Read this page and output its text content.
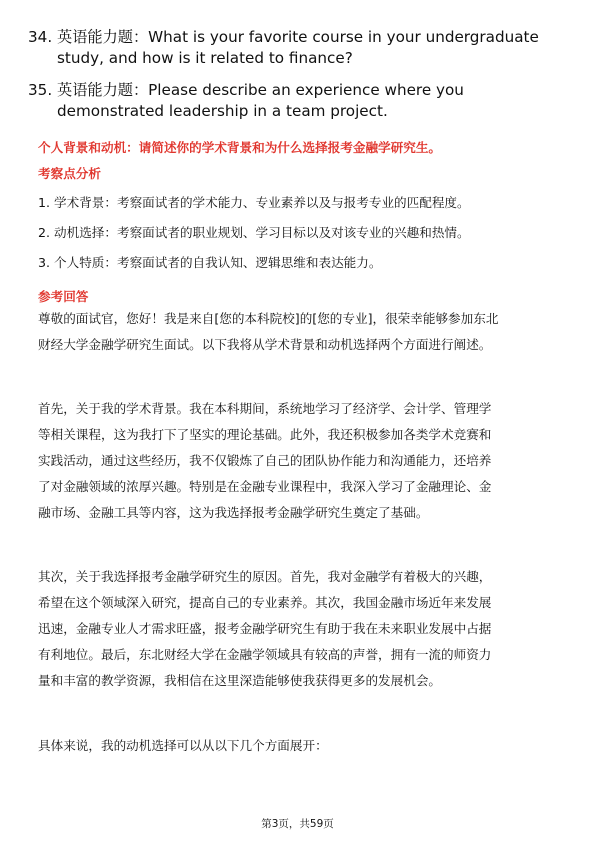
34. 英语能力题：What is your favorite course in your undergraduate
study, and how is it related to finance?
35. 英语能力题：Please describe an experience where you
demonstrated leadership in a team project.
个人背景和动机：请简述你的学术背景和为什么选择报考金融学研究生。
考察点分析
1. 学术背景：考察面试者的学术能力、专业素养以及与报考专业的匹配程度。
2. 动机选择：考察面试者的职业规划、学习目标以及对该专业的兴趣和热情。
3. 个人特质：考察面试者的自我认知、逻辑思维和表达能力。
参考回答
尊敬的面试官，您好！我是来自[您的本科院校]的[您的专业]，很荣幸能够参加东北
财经大学金融学研究生面试。以下我将从学术背景和动机选择两个方面进行阐述。
首先，关于我的学术背景。我在本科期间，系统地学习了经济学、会计学、管理学
等相关课程，这为我打下了坚实的理论基础。此外，我还积极参加各类学术竞赛和
实践活动，通过这些经历，我不仅锻炼了自己的团队协作能力和沟通能力，还培养
了对金融领域的浓厚兴趣。特别是在金融专业课程中，我深入学习了金融理论、金
融市场、金融工具等内容，这为我选择报考金融学研究生奠定了基础。
其次，关于我选择报考金融学研究生的原因。首先，我对金融学有着极大的兴趣，
希望在这个领域深入研究，提高自己的专业素养。其次，我国金融市场近年来发展
迅速，金融专业人才需求旺盛，报考金融学研究生有助于我在未来职业发展中占据
有利地位。最后，东北财经大学在金融学领域具有较高的声誉，拥有一流的师资力
量和丰富的教学资源，我相信在这里深造能够使我获得更多的发展机会。
具体来说，我的动机选择可以从以下几个方面展开：
第3页，共59页
